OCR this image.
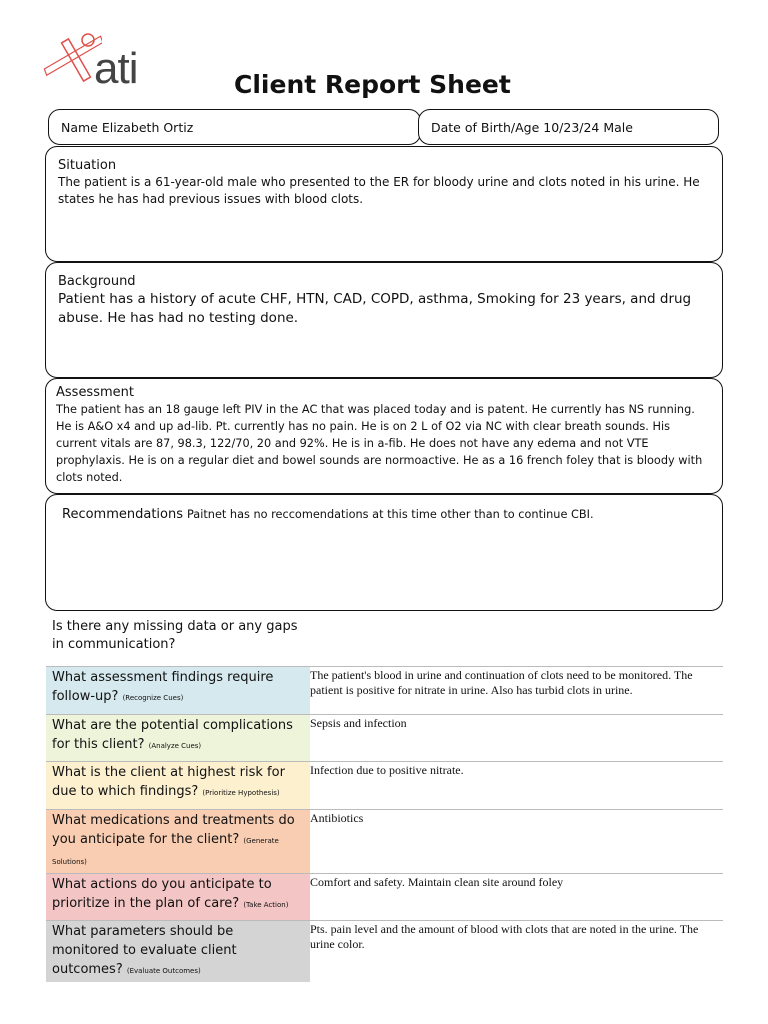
ati	Client Report Sheet
Name Elizabeth Ortiz	Date of Birth/Age 10/23/24 Male
Situation
The patient is a 61-year-old male who presented to the ER for bloody urine and clots noted in his urine. He states he has had previous issues with blood clots.
Background
Patient has a history of acute CHF, HTN, CAD, COPD, asthma, Smoking for 23 years, and drug abuse. He has had no testing done.
Assessment
The patient has an 18 gauge left PIV in the AC that was placed today and is patent. He currently has NS running. He is A&O x4 and up ad-lib. Pt. currently has no pain. He is on 2 L of O2 via NC with clear breath sounds. His current vitals are 87, 98.3, 122/70, 20 and 92%. He is in a-fib. He does not have any edema and not VTE prophylaxis. He is on a regular diet and bowel sounds are normoactive. He as a 16 french foley that is bloody with clots noted.
Recommendations Paitnet has no reccomendations at this time other than to continue CBI.
Is there any missing data or any gaps in communication?
What assessment findings require follow-up? (Recognize Cues)	The patient's blood in urine and continuation of clots need to be monitored. The patient is positive for nitrate in urine. Also has turbid clots in urine.
What are the potential complications for this client? (Analyze Cues)	Sepsis and infection
What is the client at highest risk for due to which findings? (Prioritize Hypothesis)	Infection due to positive nitrate.
What medications and treatments do you anticipate for the client? (Generate Solutions)	Antibiotics
What actions do you anticipate to prioritize in the plan of care? (Take Action)	Comfort and safety. Maintain clean site around foley
What parameters should be monitored to evaluate client outcomes? (Evaluate Outcomes)	Pts. pain level and the amount of blood with clots that are noted in the urine. The urine color.
